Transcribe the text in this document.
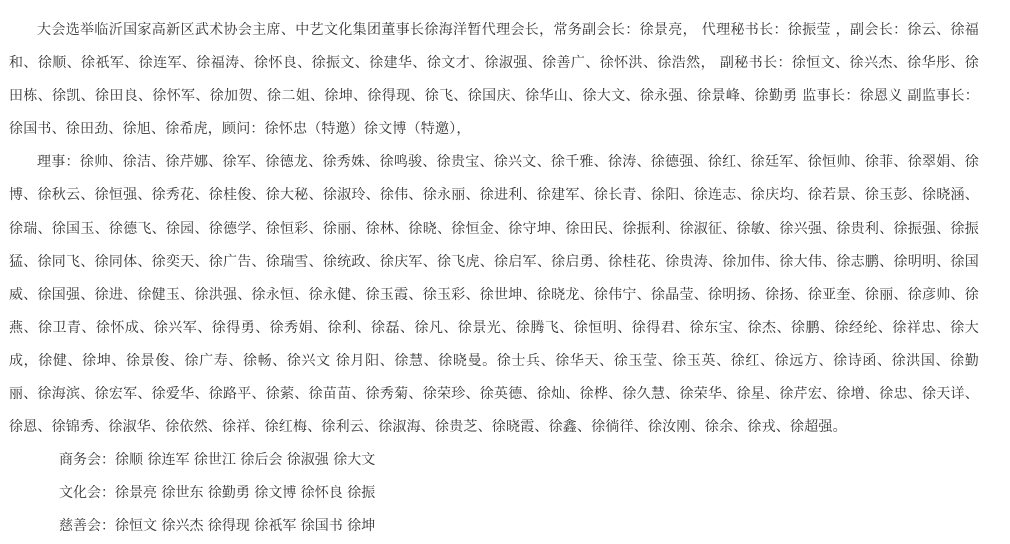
大会选举临沂国家高新区武术协会主席、中艺文化集团董事长徐海洋暂代理会长，常务副会长：徐景亮， 代理秘书长：徐振莹 ，副会长：徐云、徐福和、徐顺、徐祇军、徐连军、徐福涛、徐怀良、徐振文、徐建华、徐文才、徐淑强、徐善广、徐怀洪、徐浩然， 副秘书长：徐恒文、徐兴杰、徐华彤、徐田栋、徐凯、徐田良、徐怀军、徐加贺、徐二姐、徐坤、徐得现、徐飞、徐国庆、徐华山、徐大文、徐永强、徐景峰、徐勤勇 监事长：徐恩义 副监事长：徐国书、徐田劲、徐旭、徐希虎，顾问：徐怀忠（特邀）徐文博（特邀），

理事：徐帅、徐洁、徐芹娜、徐军、徐德龙、徐秀姝、徐鸣骏、徐贵宝、徐兴文、徐千雅、徐涛、徐德强、徐红、徐廷军、徐恒帅、徐菲、徐翠娟、徐博、徐秋云、徐恒强、徐秀花、徐桂俊、徐大秘、徐淑玲、徐伟、徐永丽、徐进利、徐建军、徐长青、徐阳、徐连志、徐庆均、徐若景、徐玉彭、徐晓涵、徐瑞、徐国玉、徐德飞、徐园、徐德学、徐恒彩、徐丽、徐林、徐晓、徐恒金、徐守坤、徐田民、徐振利、徐淑征、徐敏、徐兴强、徐贵利、徐振强、徐振猛、徐同飞、徐同体、徐奕天、徐广告、徐瑞雪、徐统政、徐庆军、徐飞虎、徐启军、徐启勇、徐桂花、徐贵涛、徐加伟、徐大伟、徐志鹏、徐明明、徐国威、徐国强、徐进、徐健玉、徐洪强、徐永恒、徐永健、徐玉霞、徐玉彩、徐世坤、徐晓龙、徐伟宁、徐晶莹、徐明扬、徐扬、徐亚奎、徐丽、徐彦帅、徐燕、徐卫青、徐怀成、徐兴军、徐得勇、徐秀娟、徐利、徐磊、徐凡、徐景光、徐腾飞、徐恒明、徐得君、徐东宝、徐杰、徐鹏、徐经纶、徐祥忠、徐大成，徐健、徐坤、徐景俊、徐广寿、徐畅、徐兴文 徐月阳、徐慧、徐晓曼。徐士兵、徐华天、徐玉莹、徐玉英、徐红、徐远方、徐诗函、徐洪国、徐勤丽、徐海滨、徐宏军、徐爱华、徐路平、徐萦、徐苗苗、徐秀菊、徐荣珍、徐英德、徐灿、徐桦、徐久慧、徐荣华、徐星、徐芹宏、徐增、徐忠、徐天详、徐恩、徐锦秀、徐淑华、徐依然、徐祥、徐红梅、徐利云、徐淑海、徐贵芝、徐晓霞、徐鑫、徐徜徉、徐汝刚、徐余、徐戎、徐超强。

商务会：徐顺 徐连军 徐世江 徐后会 徐淑强 徐大文

文化会：徐景亮 徐世东 徐勤勇 徐文博 徐怀良 徐振

慈善会：徐恒文 徐兴杰 徐得现 徐祇军 徐国书 徐坤
